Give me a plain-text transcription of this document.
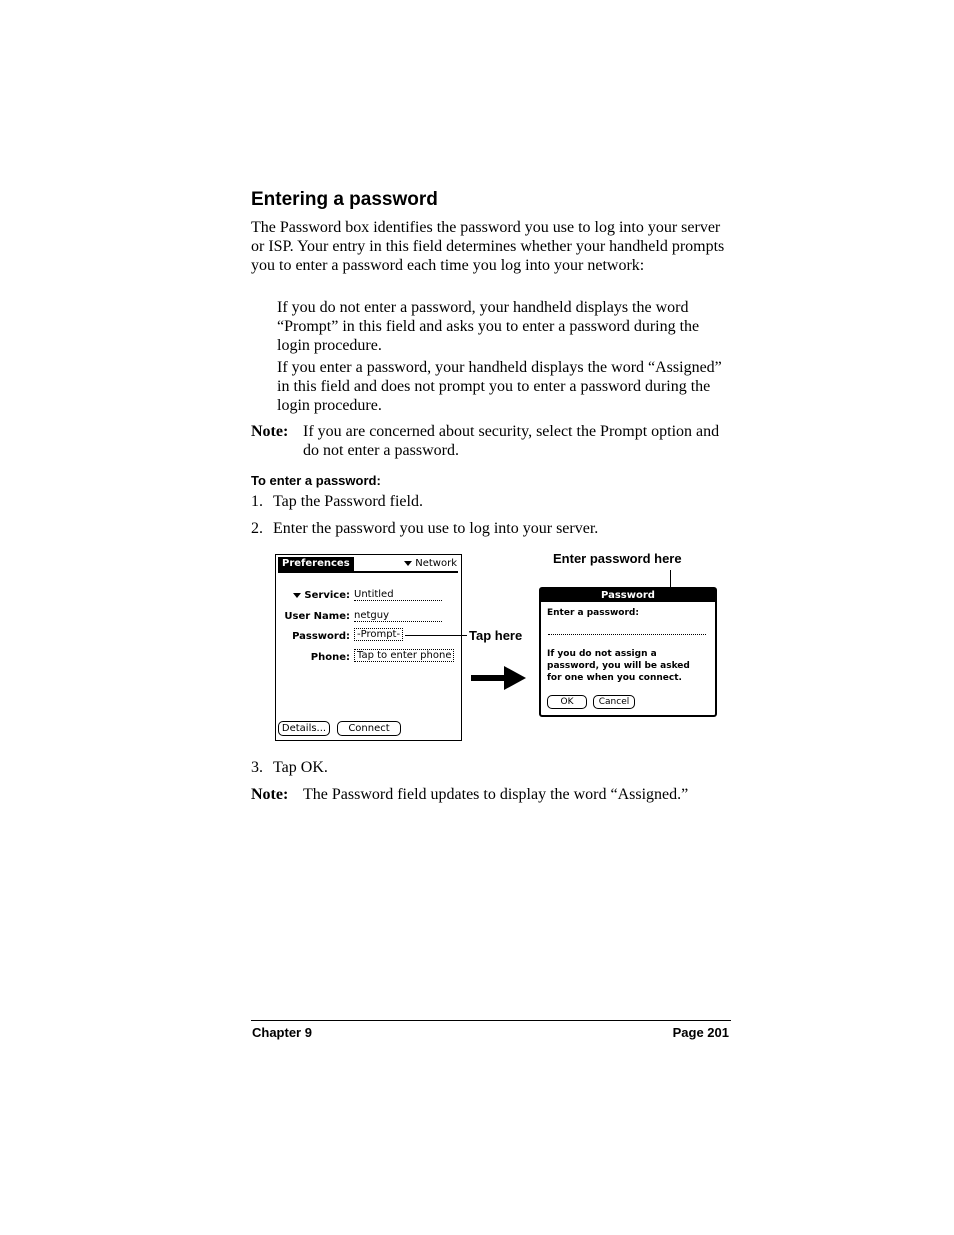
Entering a password
The Password box identifies the password you use to log into your server or ISP. Your entry in this field determines whether your handheld prompts you to enter a password each time you log into your network:
If you do not enter a password, your handheld displays the word “Prompt” in this field and asks you to enter a password during the login procedure.
If you enter a password, your handheld displays the word “Assigned” in this field and does not prompt you to enter a password during the login procedure.
Note: If you are concerned about security, select the Prompt option and do not enter a password.
To enter a password:
1. Tap the Password field.
2. Enter the password you use to log into your server.
Preferences	Network
Service: Untitled
User Name: netguy
Password: -Prompt-
Phone: Tap to enter phone
Details...	Connect
Tap here
Enter password here
Password
Enter a password:
If you do not assign a password, you will be asked for one when you connect.
OK	Cancel
3. Tap OK.
Note: The Password field updates to display the word “Assigned.”
Chapter 9	Page 201
